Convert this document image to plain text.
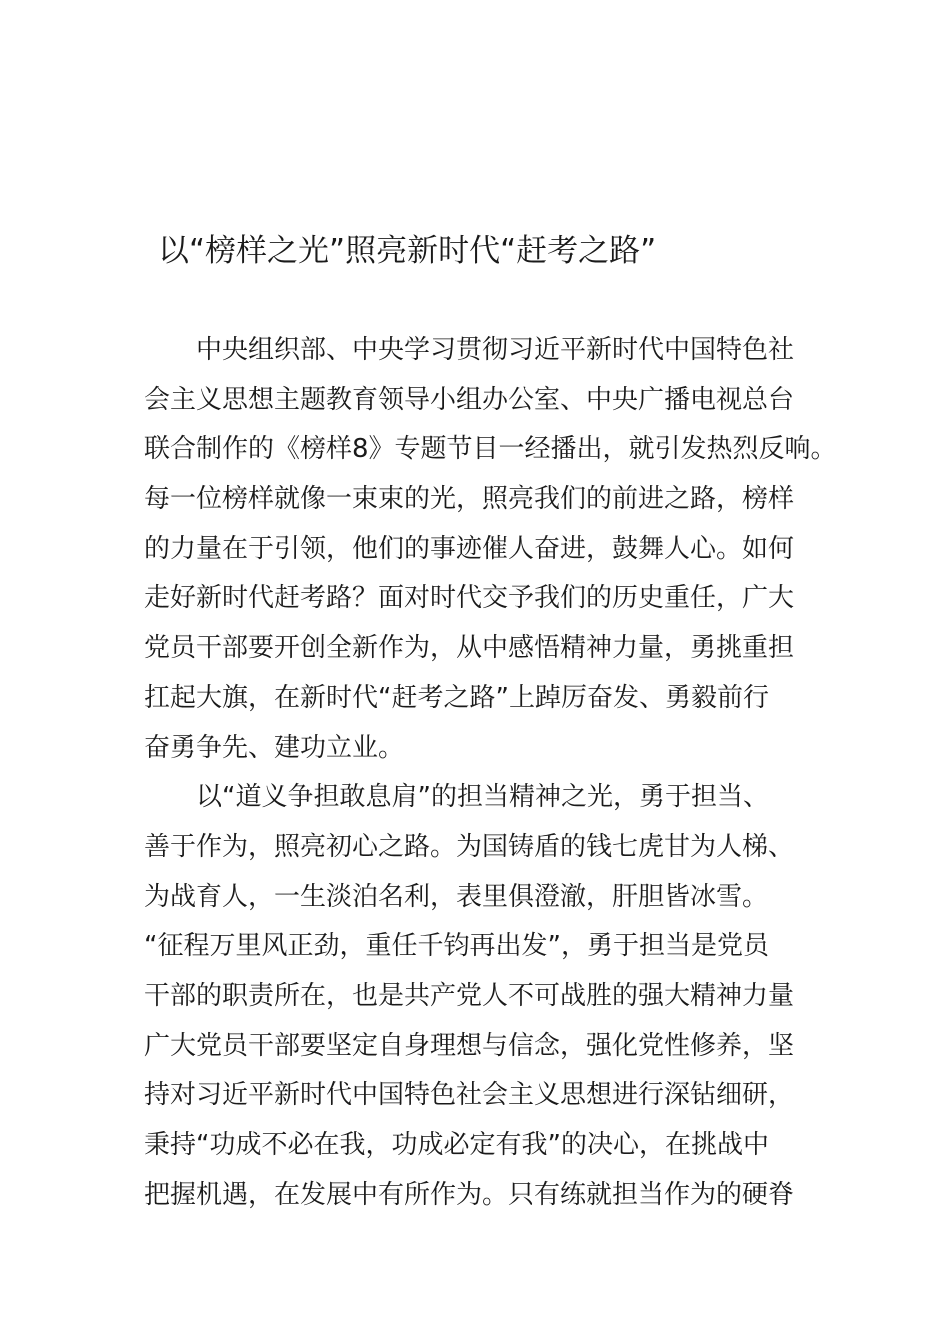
以“榜样之光”照亮新时代“赶考之路”
　　中央组织部、中央学习贯彻习近平新时代中国特色社
会主义思想主题教育领导小组办公室、中央广播电视总台
联合制作的《榜样8》专题节目一经播出，就引发热烈反响。
每一位榜样就像一束束的光，照亮我们的前进之路，榜样
的力量在于引领，他们的事迹催人奋进，鼓舞人心。如何
走好新时代赶考路？面对时代交予我们的历史重任，广大
党员干部要开创全新作为，从中感悟精神力量，勇挑重担
扛起大旗，在新时代“赶考之路”上踔厉奋发、勇毅前行
奋勇争先、建功立业。
　　以“道义争担敢息肩”的担当精神之光，勇于担当、
善于作为，照亮初心之路。为国铸盾的钱七虎甘为人梯、
为战育人，一生淡泊名利，表里俱澄澈，肝胆皆冰雪。
“征程万里风正劲，重任千钧再出发”，勇于担当是党员
干部的职责所在，也是共产党人不可战胜的强大精神力量
广大党员干部要坚定自身理想与信念，强化党性修养，坚
持对习近平新时代中国特色社会主义思想进行深钻细研，
秉持“功成不必在我，功成必定有我”的决心，在挑战中
把握机遇，在发展中有所作为。只有练就担当作为的硬脊
